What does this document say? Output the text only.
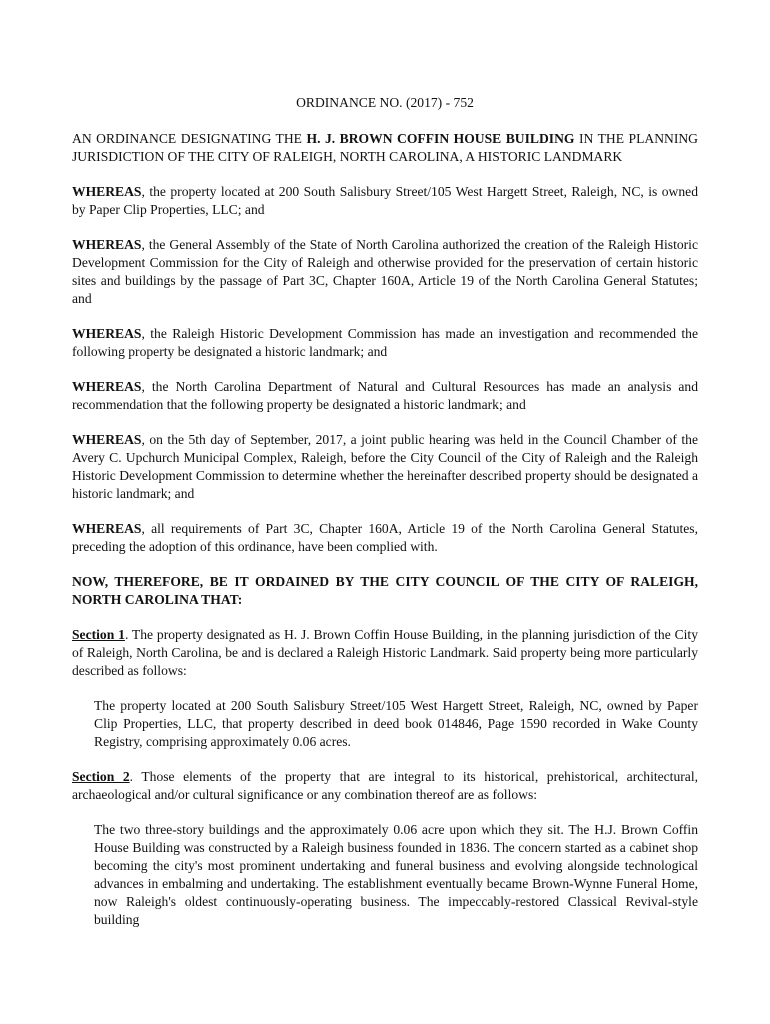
ORDINANCE NO. (2017) - 752

AN ORDINANCE DESIGNATING THE H. J. BROWN COFFIN HOUSE BUILDING IN THE PLANNING JURISDICTION OF THE CITY OF RALEIGH, NORTH CAROLINA, A HISTORIC LANDMARK

WHEREAS, the property located at 200 South Salisbury Street/105 West Hargett Street, Raleigh, NC, is owned by Paper Clip Properties, LLC; and

WHEREAS, the General Assembly of the State of North Carolina authorized the creation of the Raleigh Historic Development Commission for the City of Raleigh and otherwise provided for the preservation of certain historic sites and buildings by the passage of Part 3C, Chapter 160A, Article 19 of the North Carolina General Statutes; and

WHEREAS, the Raleigh Historic Development Commission has made an investigation and recommended the following property be designated a historic landmark; and

WHEREAS, the North Carolina Department of Natural and Cultural Resources has made an analysis and recommendation that the following property be designated a historic landmark; and

WHEREAS, on the 5th day of September, 2017, a joint public hearing was held in the Council Chamber of the Avery C. Upchurch Municipal Complex, Raleigh, before the City Council of the City of Raleigh and the Raleigh Historic Development Commission to determine whether the hereinafter described property should be designated a historic landmark; and

WHEREAS, all requirements of Part 3C, Chapter 160A, Article 19 of the North Carolina General Statutes, preceding the adoption of this ordinance, have been complied with.

NOW, THEREFORE, BE IT ORDAINED BY THE CITY COUNCIL OF THE CITY OF RALEIGH, NORTH CAROLINA THAT:

Section 1. The property designated as H. J. Brown Coffin House Building, in the planning jurisdiction of the City of Raleigh, North Carolina, be and is declared a Raleigh Historic Landmark. Said property being more particularly described as follows:

The property located at 200 South Salisbury Street/105 West Hargett Street, Raleigh, NC, owned by Paper Clip Properties, LLC, that property described in deed book 014846, Page 1590 recorded in Wake County Registry, comprising approximately 0.06 acres.

Section 2. Those elements of the property that are integral to its historical, prehistorical, architectural, archaeological and/or cultural significance or any combination thereof are as follows:

The two three-story buildings and the approximately 0.06 acre upon which they sit. The H.J. Brown Coffin House Building was constructed by a Raleigh business founded in 1836. The concern started as a cabinet shop becoming the city's most prominent undertaking and funeral business and evolving alongside technological advances in embalming and undertaking. The establishment eventually became Brown-Wynne Funeral Home, now Raleigh's oldest continuously-operating business. The impeccably-restored Classical Revival-style building
